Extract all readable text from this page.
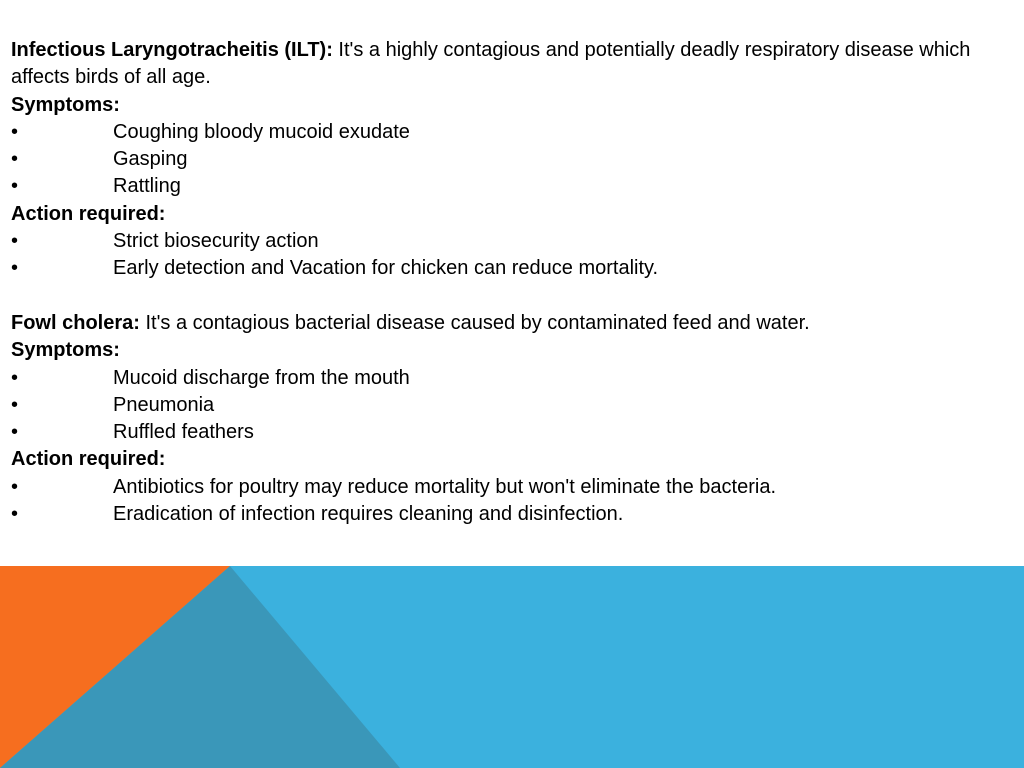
Infectious Laryngotracheitis (ILT): It's a highly contagious and potentially deadly respiratory disease which affects birds of all age.

Symptoms:
•	Coughing bloody mucoid exudate
•	Gasping
•	Rattling
Action required:
•	Strict biosecurity action
•	Early detection and Vacation for chicken can reduce mortality.

Fowl cholera: It's a contagious bacterial disease caused by contaminated feed and water.

Symptoms:
•	Mucoid discharge from the mouth
•	Pneumonia
•	Ruffled feathers
Action required:
•	Antibiotics for poultry may reduce mortality but won't eliminate the bacteria.
•	Eradication of infection requires cleaning and disinfection.
